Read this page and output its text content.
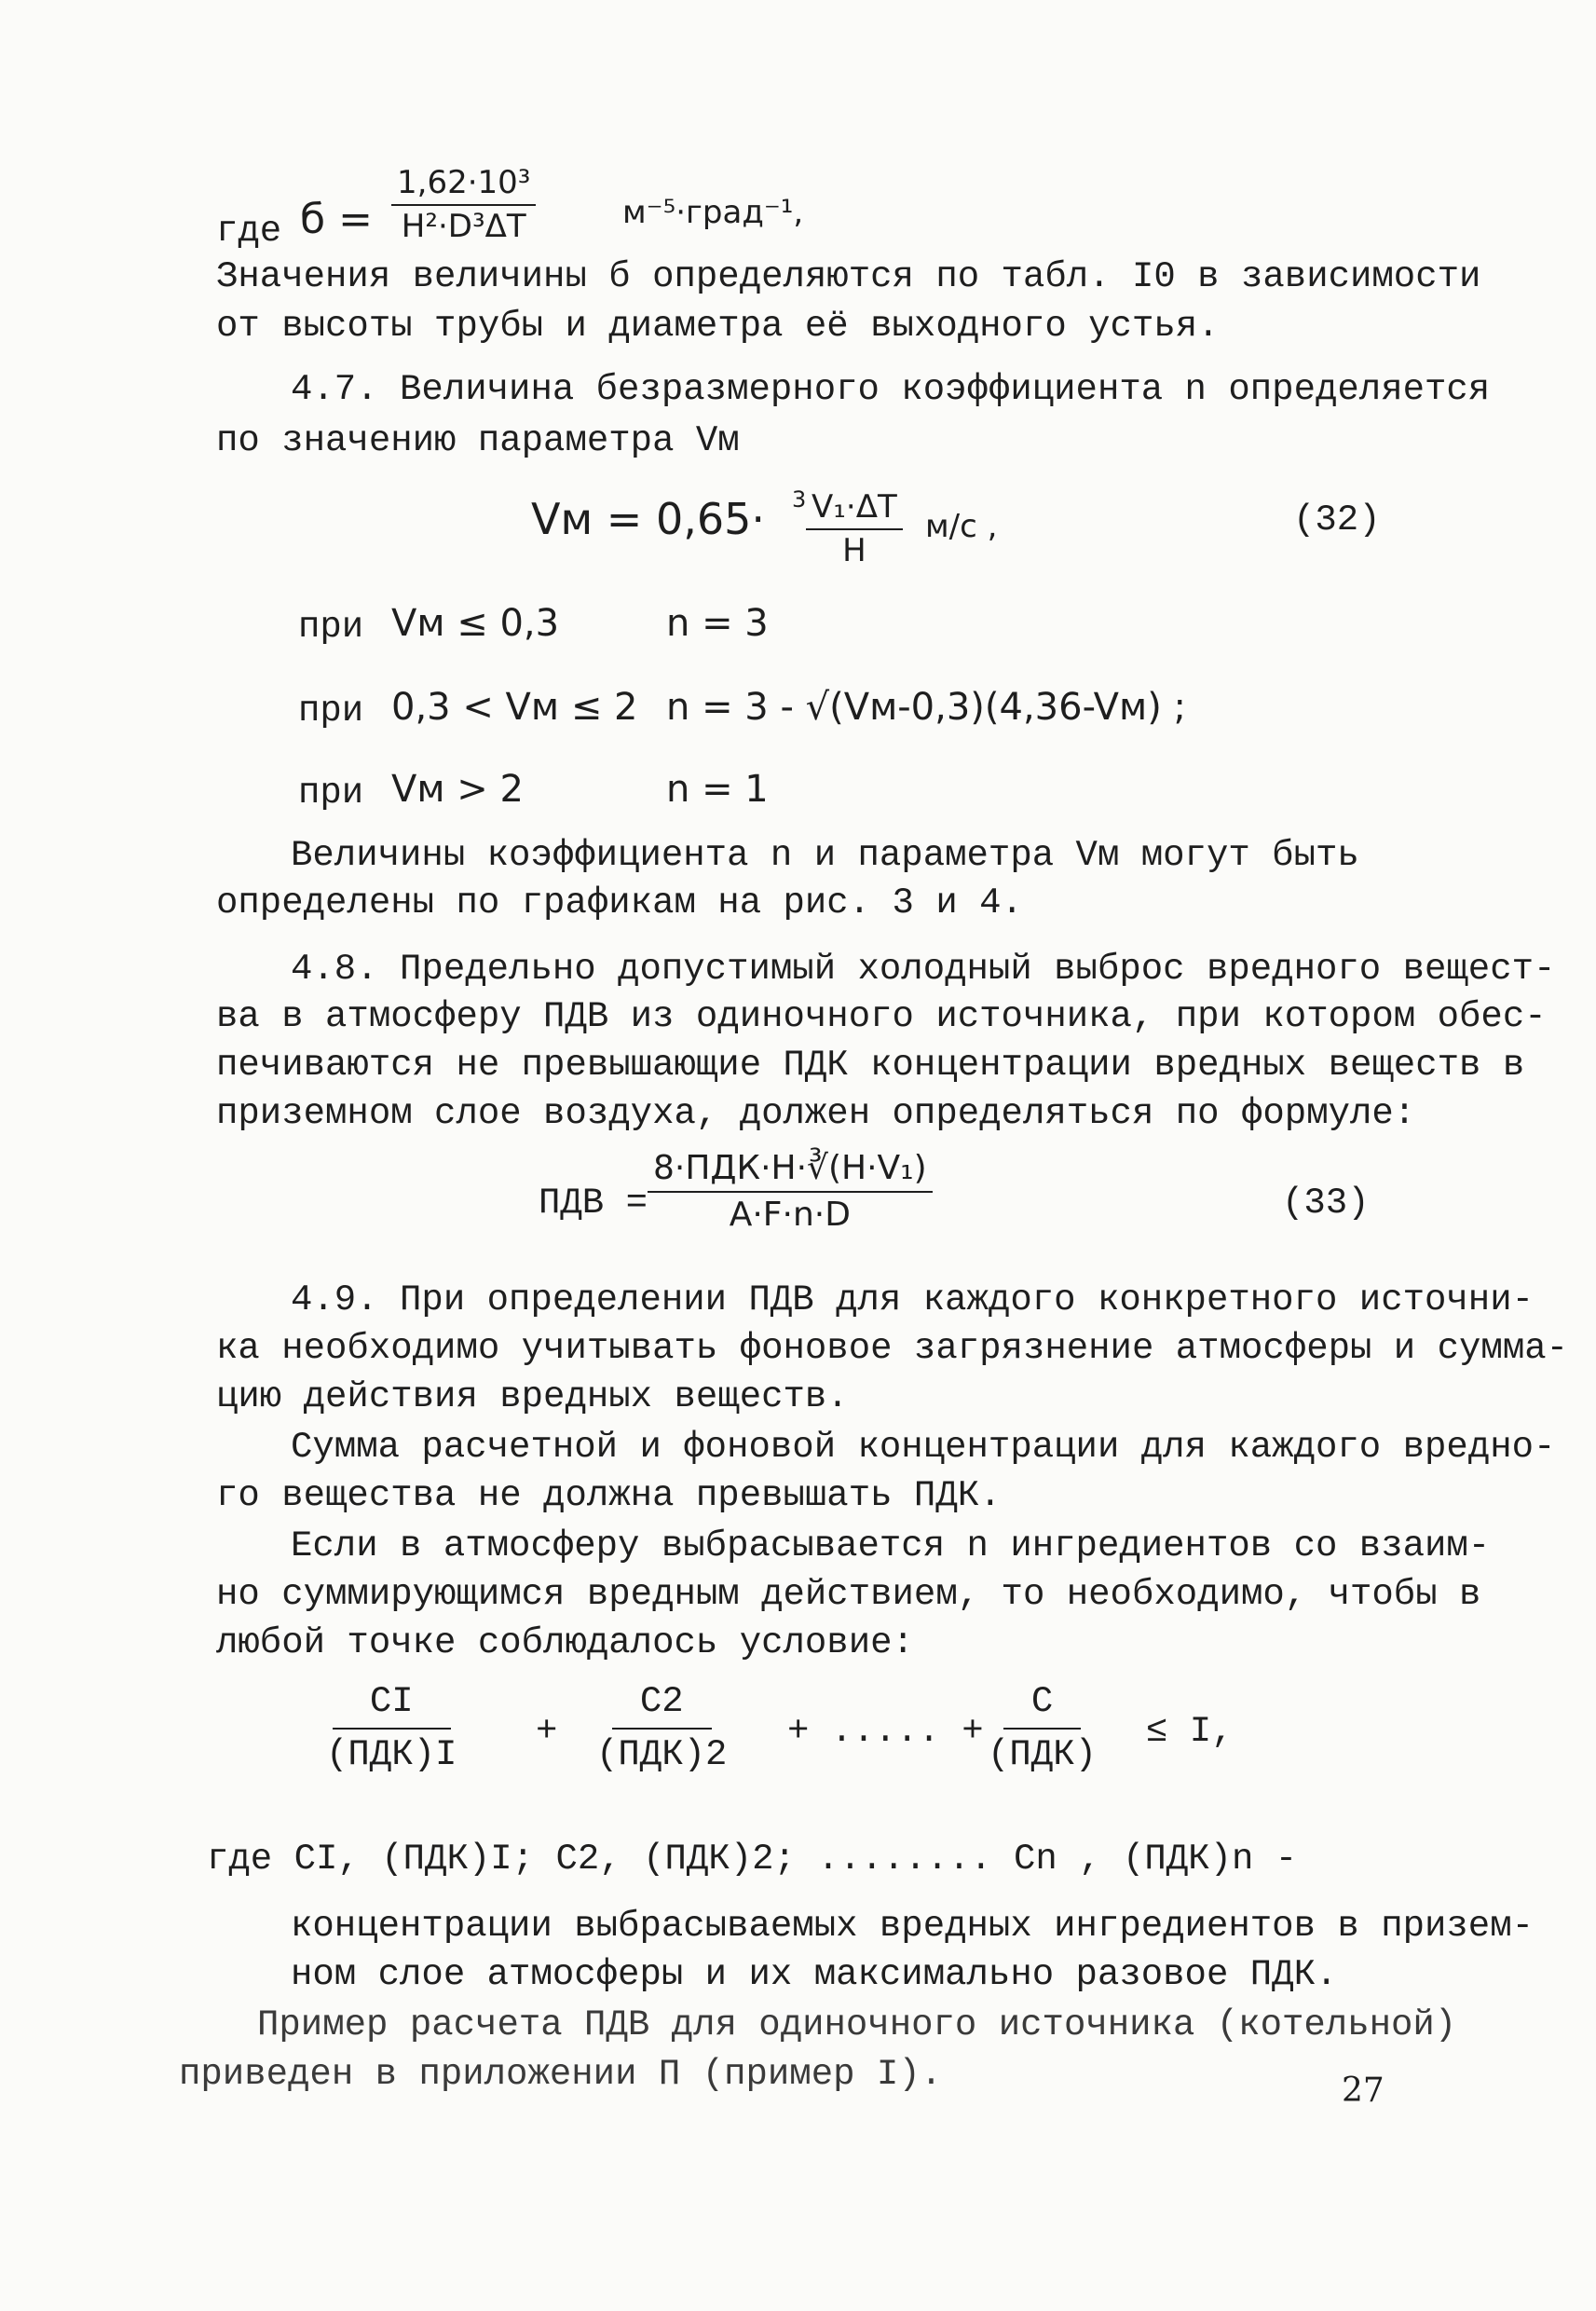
где $б = \frac{\text{1,62·10³}}{\text{H²·D³ΔT}}$	м⁻⁵·град⁻¹,
Значения величины б определяются по табл. I0 в зависимости
от высоты трубы и диаметра её выходного устья.
4.7. Величина безразмерного коэффициента n определяется
по значению параметра Vм
Vм = $0,65\cdot 3 \frac{\text{V₁·ΔT}}{H} м/с$ ,	(32)
при Vм ≤ 0,3	n = 3
при 0,3 < Vм ≤ 2 n = 3 - √(Vм-0,3)(4,36-Vм) ;
при Vм > 2	n = 1
Величины коэффициента n и параметра Vм могут быть
определены по графикам на рис. 3 и 4.
4.8. Предельно допустимый холодный выброс вредного вещест-
ва в атмосферу ПДВ из одиночного источника, при котором обес-
печиваются не превышающие ПДК концентрации вредных веществ в
приземном слое воздуха, должен определяться по формуле:
ПДВ =
8·ПДК·H·∛(H·V₁)
A·F·n·D	(33)
4.9. При определении ПДВ для каждого конкретного источни-
ка необходимо учитывать фоновое загрязнение атмосферы и сумма-
цию действия вредных веществ.
Сумма расчетной и фоновой концентрации для каждого вредно-
го вещества не должна превышать ПДК.
Если в атмосферу выбрасывается n ингредиентов со взаим-
но суммирующимся вредным действием, то необходимо, чтобы в
любой точке соблюдалось условие:
CI
(ПДК)I
+
C2
(ПДК)2
+ ..... +
C
(ПДК)
≤ I,
где CI, (ПДК)I; C2, (ПДК)2; ........ Cn , (ПДК)n -
концентрации выбрасываемых вредных ингредиентов в призем-
ном слое атмосферы и их максимально разовое ПДК.
Пример расчета ПДВ для одиночного источника (котельной)
приведен в приложении П (пример I).	27
